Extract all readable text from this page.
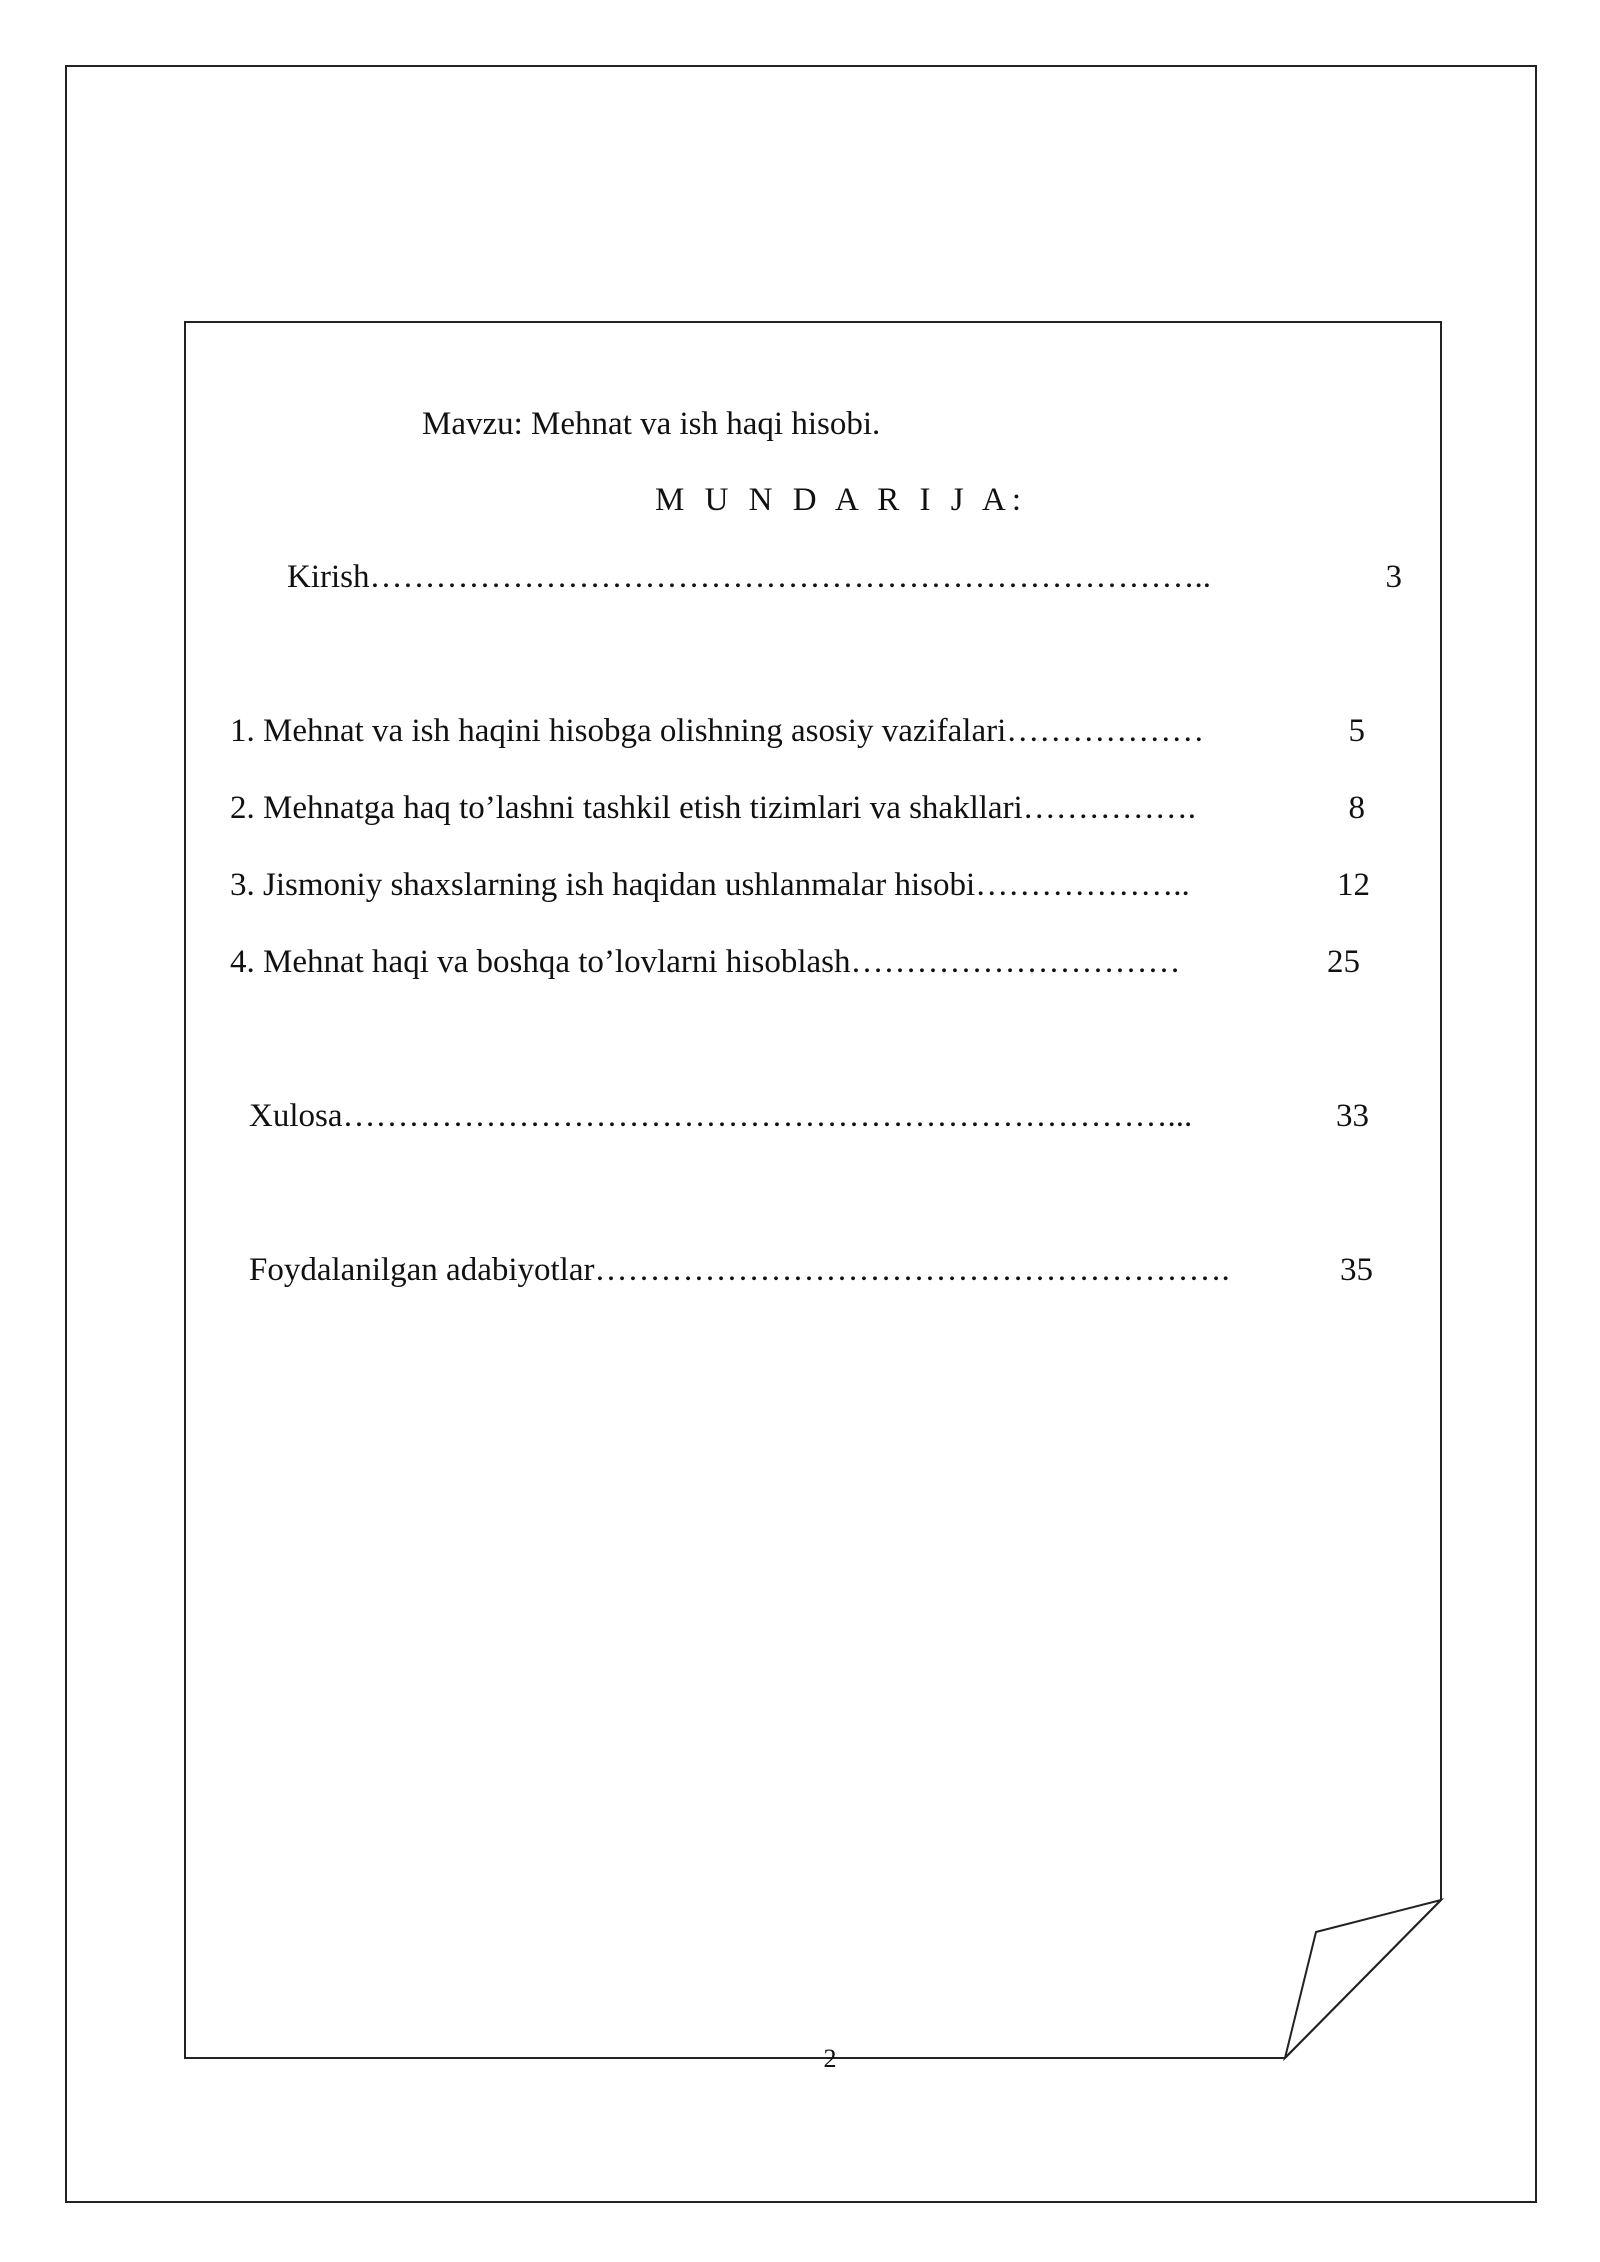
Mavzu: Mehnat va ish haqi hisobi.
M U N D A R I J A:
Kirish …………………………………………………………………..	3
1. Mehnat va ish haqini hisobga olishning asosiy vazifalari ………………	5
2. Mehnatga haq to’lashni tashkil etish tizimlari va shakllari …………….	8
3. Jismoniy shaxslarning ish haqidan ushlanmalar hisobi ………………..	12
4. Mehnat haqi va boshqa to’lovlarni hisoblash …………………………	25
Xulosa …………………………………………………………………...	33
Foydalanilgan adabiyotlar ………………………………………………….	35
2
